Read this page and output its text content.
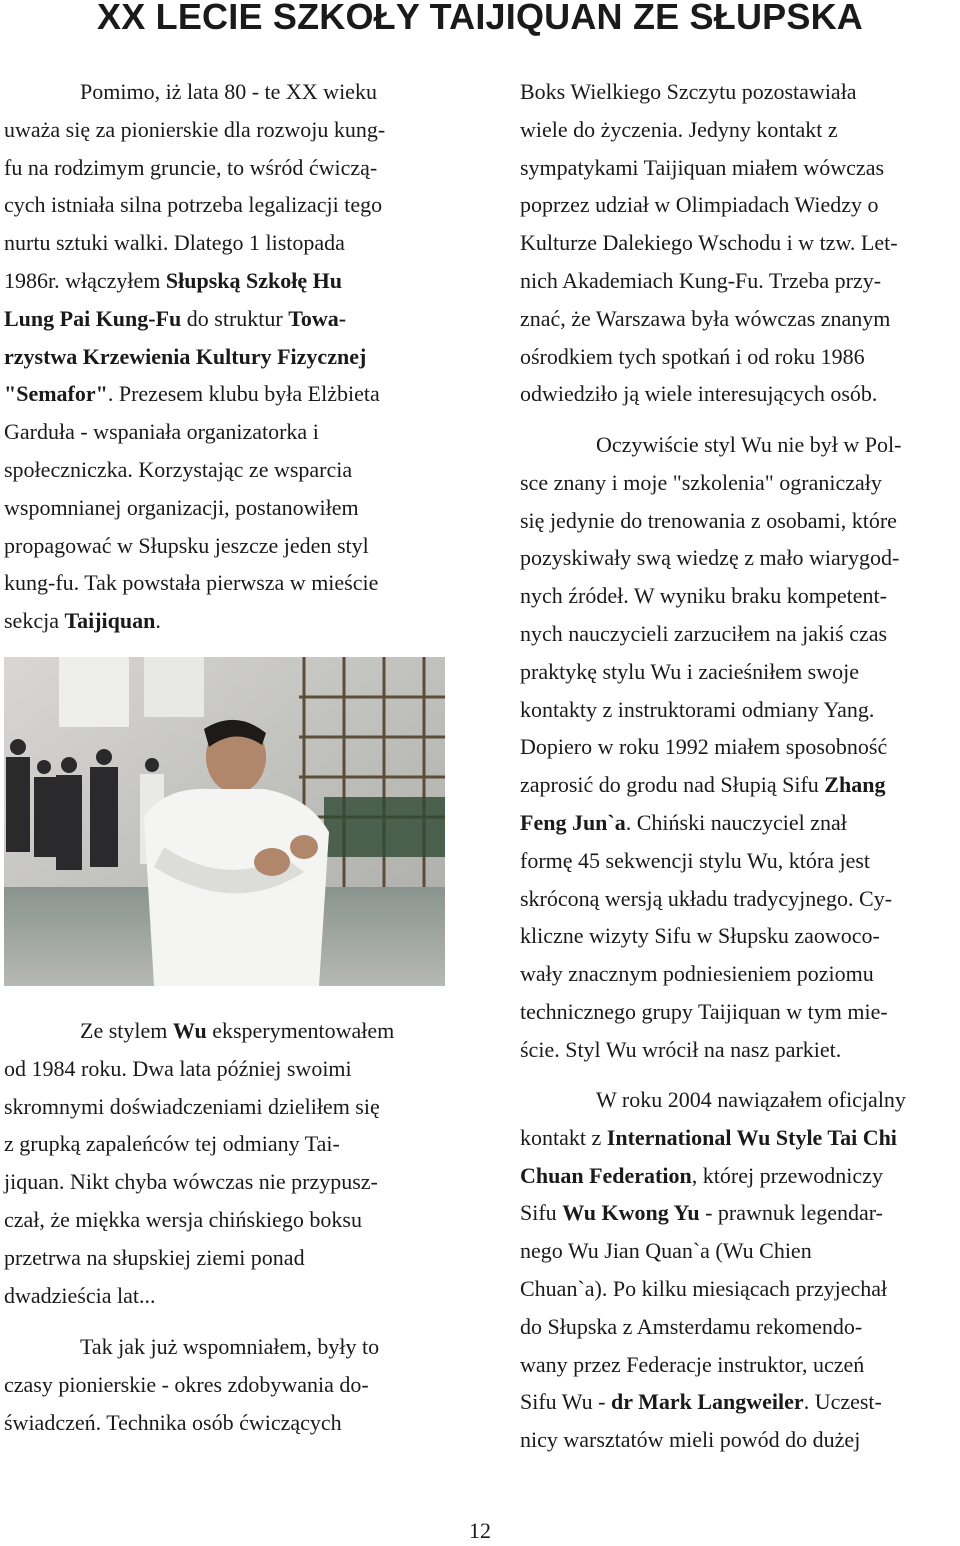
XX LECIE SZKOŁY TAIJIQUAN ZE SŁUPSKA
Pomimo, iż lata 80 - te XX wieku
uważa się za pionierskie dla rozwoju kung-
fu na rodzimym gruncie, to wśród ćwiczą-
cych istniała silna potrzeba legalizacji tego
nurtu sztuki walki. Dlatego 1 listopada
1986r. włączyłem Słupską Szkołę Hu
Lung Pai Kung-Fu do struktur Towa-
rzystwa Krzewienia Kultury Fizycznej
"Semafor". Prezesem klubu była Elżbieta
Garduła - wspaniała organizatorka i
społeczniczka. Korzystając ze wsparcia
wspomnianej organizacji, postanowiłem
propagować w Słupsku jeszcze jeden styl
kung-fu. Tak powstała pierwsza w mieście
sekcja Taijiquan.
Ze stylem Wu eksperymentowałem
od 1984 roku. Dwa lata później swoimi
skromnymi doświadczeniami dzieliłem się
z grupką zapaleńców tej odmiany Tai-
jiquan. Nikt chyba wówczas nie przypusz-
czał, że miękka wersja chińskiego boksu
przetrwa na słupskiej ziemi ponad
dwadzieścia lat...
Tak jak już wspomniałem, były to
czasy pionierskie - okres zdobywania do-
świadczeń. Technika osób ćwiczących
Boks Wielkiego Szczytu pozostawiała
wiele do życzenia. Jedyny kontakt z
sympatykami Taijiquan miałem wówczas
poprzez udział w Olimpiadach Wiedzy o
Kulturze Dalekiego Wschodu i w tzw. Let-
nich Akademiach Kung-Fu. Trzeba przy-
znać, że Warszawa była wówczas znanym
ośrodkiem tych spotkań i od roku 1986
odwiedziło ją wiele interesujących osób.
Oczywiście styl Wu nie był w Pol-
sce znany i moje "szkolenia" ograniczały
się jedynie do trenowania z osobami, które
pozyskiwały swą wiedzę z mało wiarygod-
nych źródeł. W wyniku braku kompetent-
nych nauczycieli zarzuciłem na jakiś czas
praktykę stylu Wu i zacieśniłem swoje
kontakty z instruktorami odmiany Yang.
Dopiero w roku 1992 miałem sposobność
zaprosić do grodu nad Słupią Sifu Zhang
Feng Jun`a. Chiński nauczyciel znał
formę 45 sekwencji stylu Wu, która jest
skróconą wersją układu tradycyjnego. Cy-
kliczne wizyty Sifu w Słupsku zaowoco-
wały znacznym podniesieniem poziomu
technicznego grupy Taijiquan w tym mie-
ście. Styl Wu wrócił na nasz parkiet.
W roku 2004 nawiązałem oficjalny
kontakt z International Wu Style Tai Chi
Chuan Federation, której przewodniczy
Sifu Wu Kwong Yu - prawnuk legendar-
nego Wu Jian Quan`a (Wu Chien
Chuan`a). Po kilku miesiącach przyjechał
do Słupska z Amsterdamu rekomendo-
wany przez Federacje instruktor, uczeń
Sifu Wu - dr Mark Langweiler. Uczest-
nicy warsztatów mieli powód do dużej
12
